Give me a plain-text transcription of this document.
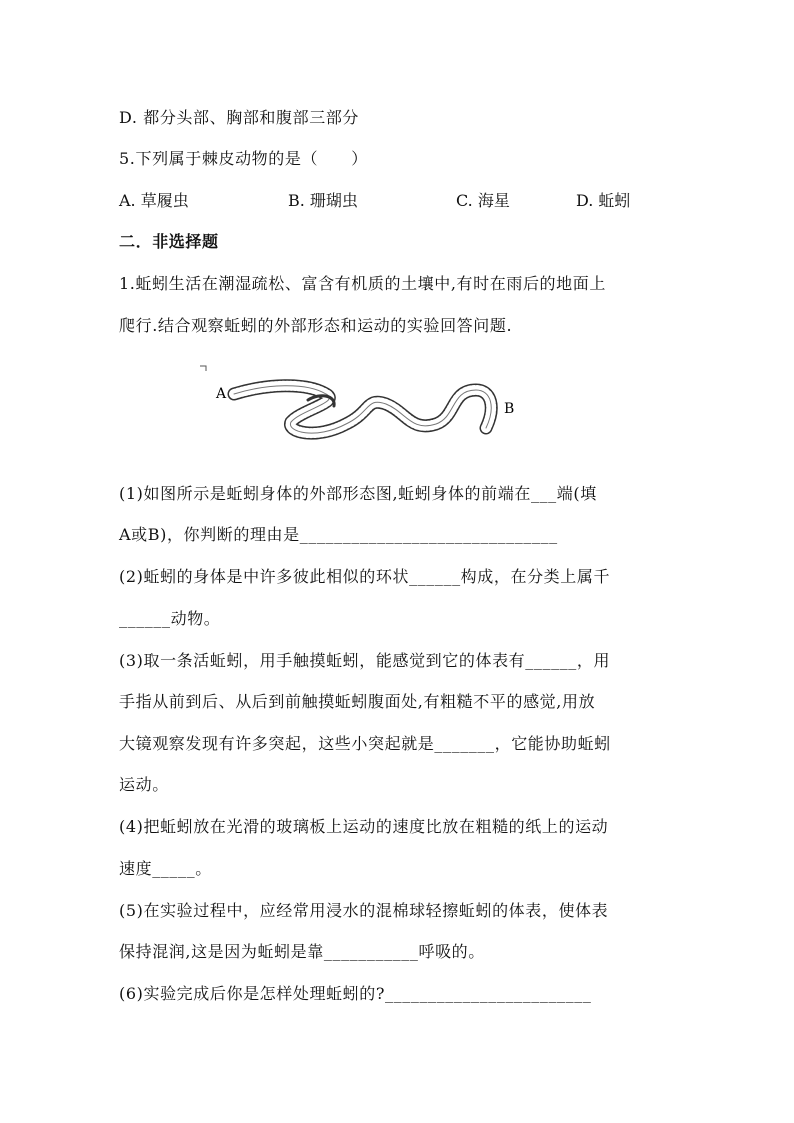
D. 都分头部、胸部和腹部三部分
5.下列属于棘皮动物的是（　　）
A. 草履虫	B. 珊瑚虫	C. 海星	D. 蚯蚓
二．非选择题
1.蚯蚓生活在潮湿疏松、富含有机质的土壤中,有时在雨后的地面上
爬行.结合观察蚯蚓的外部形态和运动的实验回答问题.
A
B
(1)如图所示是蚯蚓身体的外部形态图,蚯蚓身体的前端在___端(填
A或B)，你判断的理由是______________________________
(2)蚯蚓的身体是中许多彼此相似的环状______构成，在分类上属千
______动物。
(3)取一条活蚯蚓，用手触摸蚯蚓，能感觉到它的体表有______，用
手指从前到后、从后到前触摸蚯蚓腹面处,有粗糙不平的感觉,用放
大镜观察发现有许多突起，这些小突起就是_______，它能协助蚯蚓
运动。
(4)把蚯蚓放在光滑的玻璃板上运动的速度比放在粗糙的纸上的运动
速度_____。
(5)在实验过程中，应经常用浸水的混棉球轻擦蚯蚓的体表，使体表
保持混润,这是因为蚯蚓是靠___________呼吸的。
(6)实验完成后你是怎样处理蚯蚓的?________________________
